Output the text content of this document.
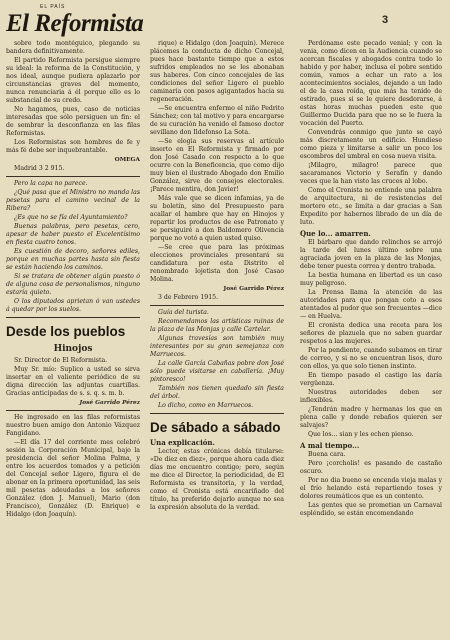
EL PAÍS
El Reformista	3

sobre todo montéguico, plegando su bandera definitivamente.

El partido Reformista persigue siempre su ideal: la reforma de la Constitución, y nos ideal, aunque pudiera aplazarlo por circunstancias graves del momento, nunca renunciaria á él porque ello es lo substancial de su credo.

No hagamos, pues, caso de noticias interesadas que sólo persiguen un fin: el de sembrar la desconfianza en las filas Reformistas.

Los Reformistas son hombres de fe y más fé debe ser inquebrantable.

OMEGA

Madrid 3 2 915.

Pero la capa no parece.

¿Qué pasa que el Ministro no manda las pesetas para el camino vecinal de la Ribera?

¿Es que no se fía del Ayuntamiento?

Buenas palabras, pero pesetas, cero, apesar de haber puesto el Excelentísimo en fiesta cuatro tonos.

Es cuestión de decoro, señores ediles, porque en muchas partes hasta sin fiesta se están haciendo los caminos.

Si se tratara de obtener algún puesto ó de alguna cosa de personalismos, ninguno estaría quieto.

O los diputados aprietan ó van ustedes á quedar por los suelos.

Desde los pueblos
Hinojos

Sr. Director de El Reformista.

Muy Sr. mío: Suplico a usted se sirva insertar en el valiente periódico de su digna dirección las adjuntas cuartillas. Gracias anticipadas de s. s. q. s. m. b.

José Garrido Pérez

He ingresado en las filas reformistas nuestro buen amigo don Antonio Vázquez Fangidano.

—El día 17 del corriente mes celebró sesión la Corporación Municipal, bajo la presidencia del señor Molina Palma, y entre los acuerdos tomados y a petición del Concejal señor Ligero, figura el de abonar en la primera oportunidad, las seis mil pesetas adeudadas a los señores González (don J. Manuel), Mario (don Francisco), González (D. Enrique) e Hidalgo (don Joaquín).

rique) e Hidalgo (don Joaquín). Merece plácemes la conducta de dicho Concejal, pues hace bastante tiempo que a estos sufridos empleados no se les abonaban sus haberes. Con cinco concejales de las condiciones del señor Ligero el pueblo caminaría con pasos agigantados hacia su regeneración.

—Se encuentra enfermo el niño Pedrito Sánchez; con tal motivo y para encargarse de su curación ha venido el famoso doctor sevillano don Ildefonso La Sota.

—Se elogia sus reservas al artículo inserto en El Reformista y firmado por don José Casado con respecto a lo que ocurre con la Beneficencia, que como dijo muy bien el ilustrado Abogado don Emilio González, sirve de consejos electorales. ¡Parece mentira, don Javier!

Más vale que se dicen infamias, ya de su boletín, sino del Presupuesto para acallar el hambre que hay en Hinojos y repartir los productos de ese Patronato y se persiguiré a don Baldomero Olivencia porque no votó a quien usted quiso.

—Se cree que para las próximas elecciones provinciales presentará su candidatura por esta Distrito el renombrado lojetista don José Casao Molina.

José Garrido Pérez

3 de Febrero 1915.

Guía del turista.

Recomendamos las artísticas ruinas de la plaza de las Monjas y calle Cartelar.

Algunas travesías son también muy interesantes por su gran semejanza con Marruecos.

La calle García Cabañas pobre don José sólo puede visitarse en caballería. ¡Muy pintoresco!

También nos tienen quedado sin fiesta del árbol.

Lo dicho, como en Marruecos.

De sábado a sábado

Una explicación.

Lector, estas crónicas debía titularse: «De diez en diez», porque ahora cada diez días me encuentro contigo; pero, según me dice el Director, la periodicidad, de El Reformista es transitoria, y la verdad, como el Cronista está encariñado del título, ha preferido dejarlo aunque no sea la expresión absoluta de la verdad.

Perdóname este pecado venial; y con la venia, como dicen en la Audiencia cuando se acercan fiscales y abogados contra todo lo habido y por haber, inclusa el pobre sentido común, vamos a echar un rato a los acontecimientos sociales, dejando a un lado el de la casa roída, que más ha tenido de estirado, pues si se le quiere desdorarse, á estas horas muchas pueden este que Guillermo Ducida para que no se le fuera la vocación del Puerto.

Convendrás conmigo que junto se cayó más discretamente un edificio. Hundiese como pieza y limitarse a salir un poco los escombros del umbral en cosa nueva visita.

¡Milagro, milagro! parece que sacaramanos Victorio y Serafín y dando veces que la han visto las cruces al lobo.

Como el Cronista no entiende una palabra de arquitectura, ni de resistencias del mortero etc., se limita a dar gracias a San Expedito por habernos librado de un día de luto.

Que lo... amarren.

El bárbaro que dando relinchos se arrojó la tarde del lunes último sobre una agraciada joven en la plaza de las Monjas, debe tener puesta correa y dentro trabada.

La bestia humana en libertad es un caso muy peligroso.

La Prensa llama la atención de las autoridades para que pongan coto a esos atentados al pudor que son frecuentes —dice— en Huelva.

El cronista dedica una receta para los señores de plazuela que no saben guardar respetos a las mujeres.

Por la pendiente, cuando subamos en tirar de correo, y si no se encuentran lisos, duro con ellos, ya que solo tienen instinto.

En tiempo pasado el castigo las daría vergüenza.

Nuestras autoridades deben ser inflexibles.

¿Tendrán madre y hermanas los que en plena calle y donde rebaños quieren ser salvajes?

Que los... sian y les echen pienso.

A mal tiempo...

Buena cara.

Pero ¡corcholis! es pasando de castaño oscuro.

Por no dia bueno se encenda vieja malas y el frío helando está repartiendo toses y dolores reumáticos que es un contento.

Las gentes que se prometian un Carnaval espléndido, se están encomendando
